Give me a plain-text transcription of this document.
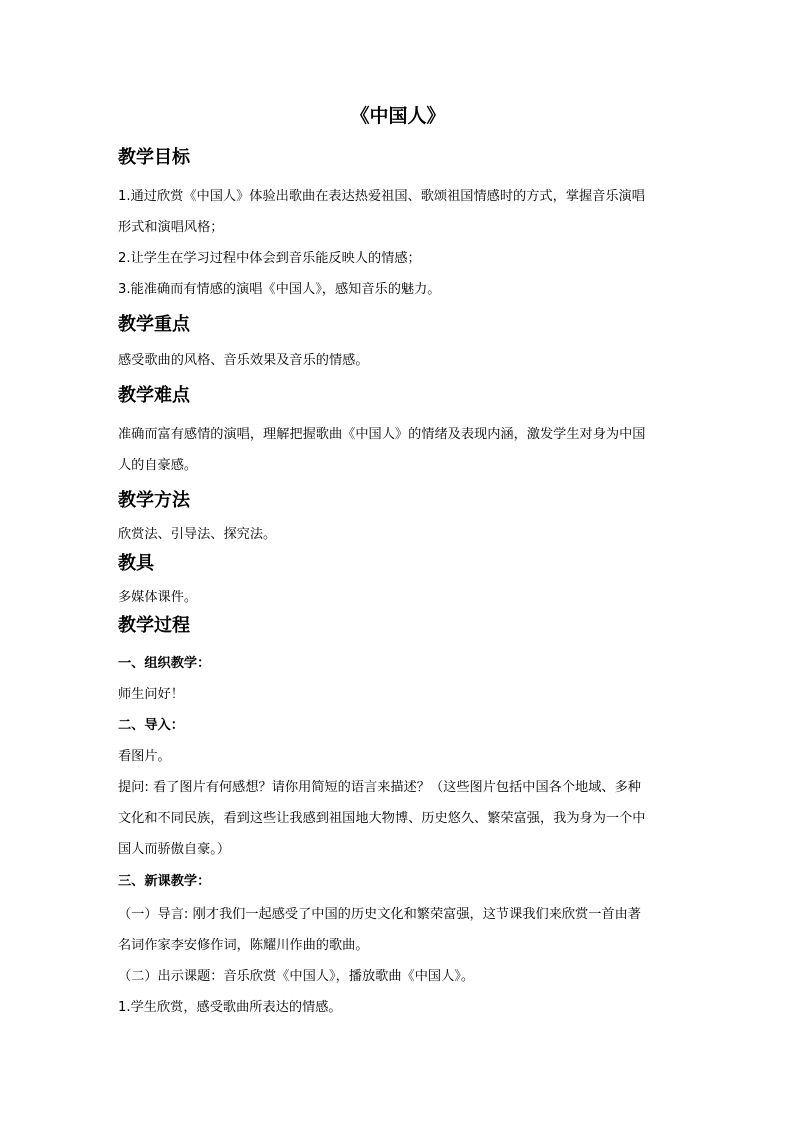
《中国人》
教学目标
1.通过欣赏《中国人》体验出歌曲在表达热爱祖国、歌颂祖国情感时的方式，掌握音乐演唱
形式和演唱风格；
2.让学生在学习过程中体会到音乐能反映人的情感；
3.能准确而有情感的演唱《中国人》，感知音乐的魅力。
教学重点
感受歌曲的风格、音乐效果及音乐的情感。
教学难点
准确而富有感情的演唱，理解把握歌曲《中国人》的情绪及表现内涵，激发学生对身为中国
人的自豪感。
教学方法
欣赏法、引导法、探究法。
教具
多媒体课件。
教学过程
一、组织教学：
师生问好！
二、导入：
看图片。
提问: 看了图片有何感想？请你用简短的语言来描述？（这些图片包括中国各个地域、多种
文化和不同民族，看到这些让我感到祖国地大物博、历史悠久、繁荣富强，我为身为一个中
国人而骄傲自豪。）
三、新课教学：
（一）导言: 刚才我们一起感受了中国的历史文化和繁荣富强，这节课我们来欣赏一首由著
名词作家李安修作词，陈耀川作曲的歌曲。
（二）出示课题：音乐欣赏《中国人》，播放歌曲《中国人》。
1.学生欣赏，感受歌曲所表达的情感。
